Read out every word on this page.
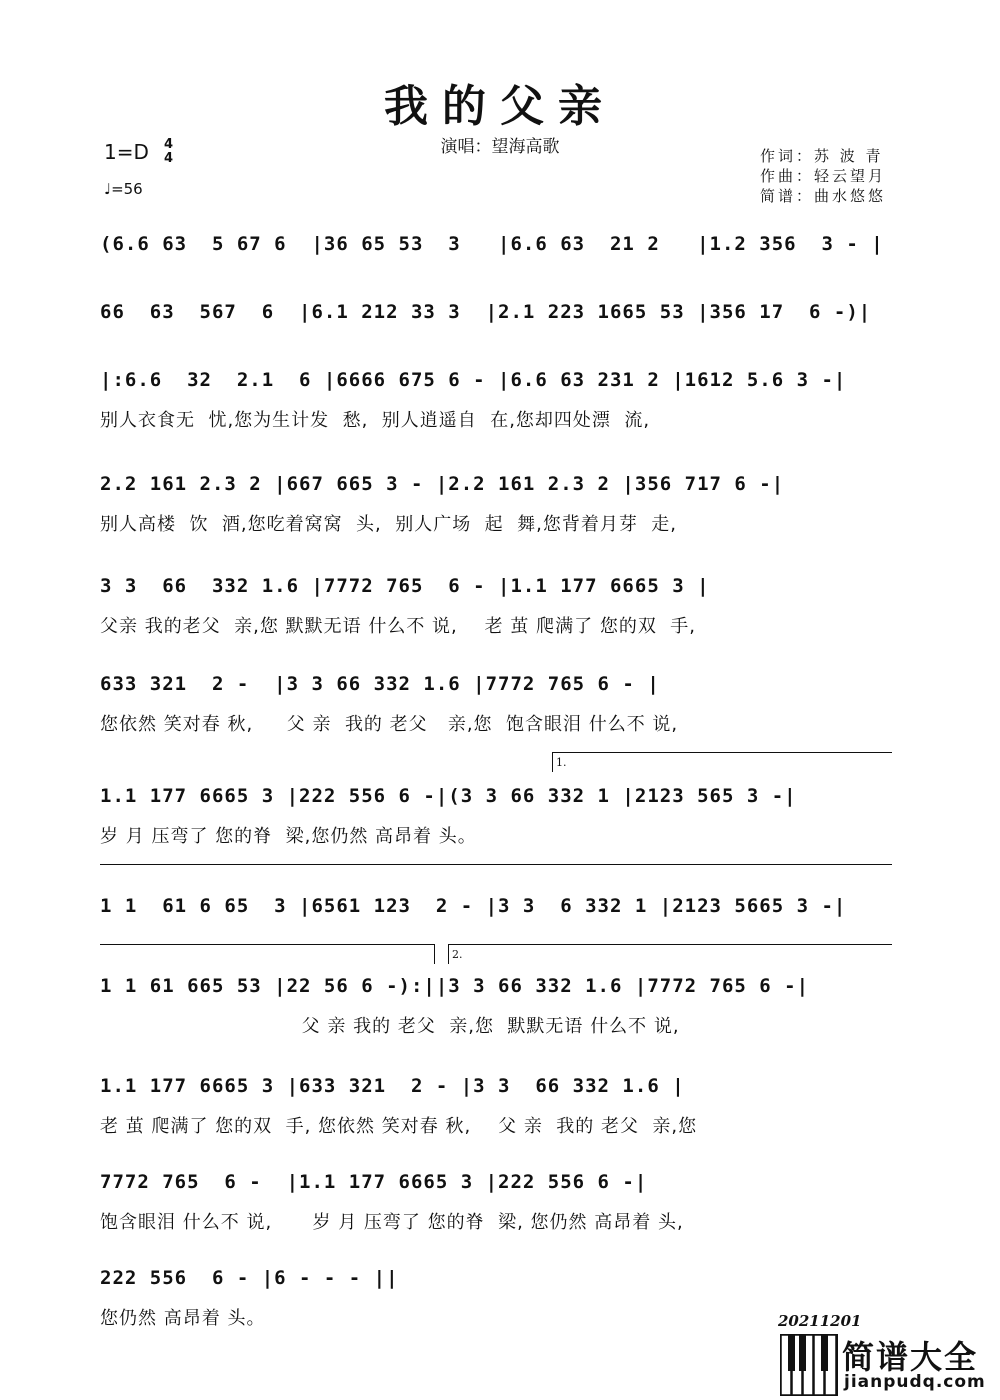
我的父亲
演唱：望海高歌
1=D 4
4
♩=56
作词：苏 波 青
作曲：轻云望月
简谱：曲水悠悠
(6.6 63  5 67 6  |36 65 53  3   |6.6 63  21 2   |1.2 356  3 - |
66  63  567  6  |6.1 212 33 3  |2.1 223 1665 53 |356 17  6 -)|
|:6.6  32  2.1  6 |6666 675 6 - |6.6 63 231 2 |1612 5.6 3 -|
别人衣食无  忧,您为生计发  愁,  别人逍遥自  在,您却四处漂  流,
2.2 161 2.3 2 |667 665 3 - |2.2 161 2.3 2 |356 717 6 -|
别人高楼  饮  酒,您吃着窝窝  头,  别人广场  起  舞,您背着月芽  走,
3 3  66  332 1.6 |7772 765  6 - |1.1 177 6665 3 |
父亲 我的老父  亲,您 默默无语 什么不 说,    老 茧 爬满了 您的双  手,
633 321  2 -  |3 3 66 332 1.6 |7772 765 6 - |
您依然 笑对春 秋,     父 亲  我的 老父   亲,您  饱含眼泪 什么不 说,
1.
1.1 177 6665 3 |222 556 6 -|(3 3 66 332 1 |2123 565 3 -|
岁 月 压弯了 您的脊  梁,您仍然 高昂着 头。
1 1  61 6 65  3 |6561 123  2 - |3 3  6 332 1 |2123 5665 3 -|
2.
1 1 61 665 53 |22 56 6 -):||3 3 66 332 1.6 |7772 765 6 -|
父 亲 我的 老父  亲,您  默默无语 什么不 说,
1.1 177 6665 3 |633 321  2 - |3 3  66 332 1.6 |
老 茧 爬满了 您的双  手, 您依然 笑对春 秋,    父 亲  我的 老父  亲,您
7772 765  6 -  |1.1 177 6665 3 |222 556 6 -|
饱含眼泪 什么不 说,      岁 月 压弯了 您的脊  梁, 您仍然 高昂着 头,
222 556  6 - |6 - - - ||
您仍然 高昂着 头。	20211201
简谱大全
jianpudq.com
